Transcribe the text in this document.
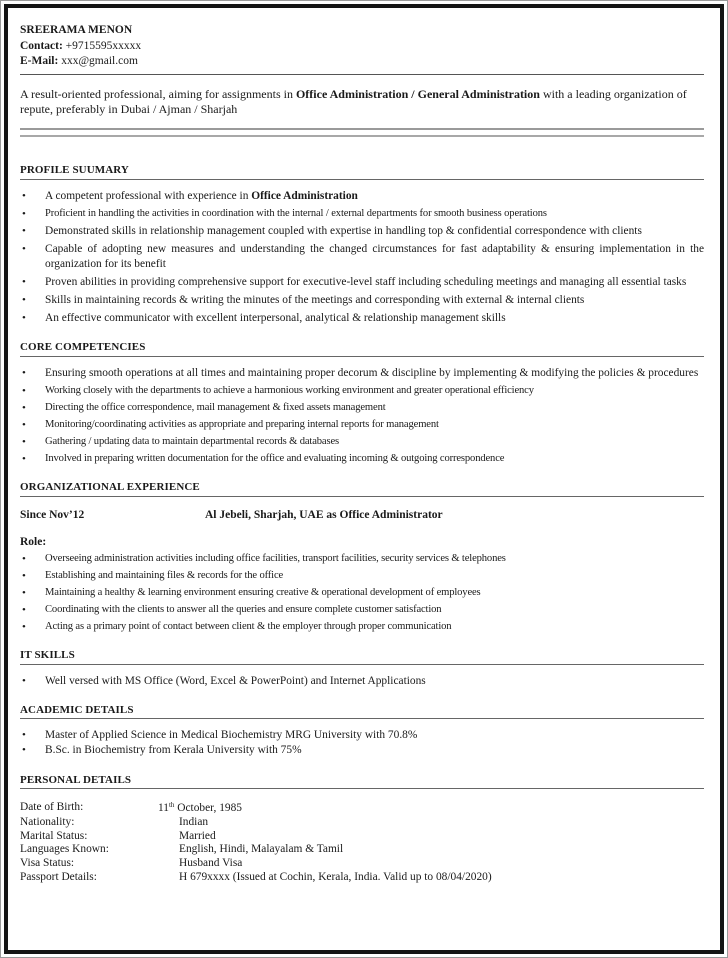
SREERAMA MENON
Contact: +9715595xxxxx
E-Mail: xxx@gmail.com
A result-oriented professional, aiming for assignments in Office Administration / General Administration with a leading organization of repute, preferably in Dubai / Ajman / Sharjah
PROFILE SUUMARY
• A competent professional with experience in Office Administration
• Proficient in handling the activities in coordination with the internal / external departments for smooth business operations
• Demonstrated skills in relationship management coupled with expertise in handling top & confidential correspondence with clients
• Capable of adopting new measures and understanding the changed circumstances for fast adaptability & ensuring implementation in the organization for its benefit
• Proven abilities in providing comprehensive support for executive-level staff including scheduling meetings and managing all essential tasks
• Skills in maintaining records & writing the minutes of the meetings and corresponding with external & internal clients
• An effective communicator with excellent interpersonal, analytical & relationship management skills
CORE COMPETENCIES
• Ensuring smooth operations at all times and maintaining proper decorum & discipline by implementing & modifying the policies & procedures
• Working closely with the departments to achieve a harmonious working environment and greater operational efficiency
• Directing the office correspondence, mail management & fixed assets management
• Monitoring/coordinating activities as appropriate and preparing internal reports for management
• Gathering / updating data to maintain departmental records & databases
• Involved in preparing written documentation for the office and evaluating incoming & outgoing correspondence
ORGANIZATIONAL EXPERIENCE
Since Nov’12	Al Jebeli, Sharjah, UAE as Office Administrator
Role:
• Overseeing administration activities including office facilities, transport facilities, security services & telephones
• Establishing and maintaining files & records for the office
• Maintaining a healthy & learning environment ensuring creative & operational development of employees
• Coordinating with the clients to answer all the queries and ensure complete customer satisfaction
• Acting as a primary point of contact between client & the employer through proper communication
IT SKILLS
• Well versed with MS Office (Word, Excel & PowerPoint) and Internet Applications
ACADEMIC DETAILS
• Master of Applied Science in Medical Biochemistry MRG University with 70.8%
• B.Sc. in Biochemistry from Kerala University with 75%
PERSONAL DETAILS
Date of Birth:	11th October, 1985
Nationality:	Indian
Marital Status:	Married
Languages Known:	English, Hindi, Malayalam & Tamil
Visa Status:	Husband Visa
Passport Details:	H 679xxxx (Issued at Cochin, Kerala, India. Valid up to 08/04/2020)
